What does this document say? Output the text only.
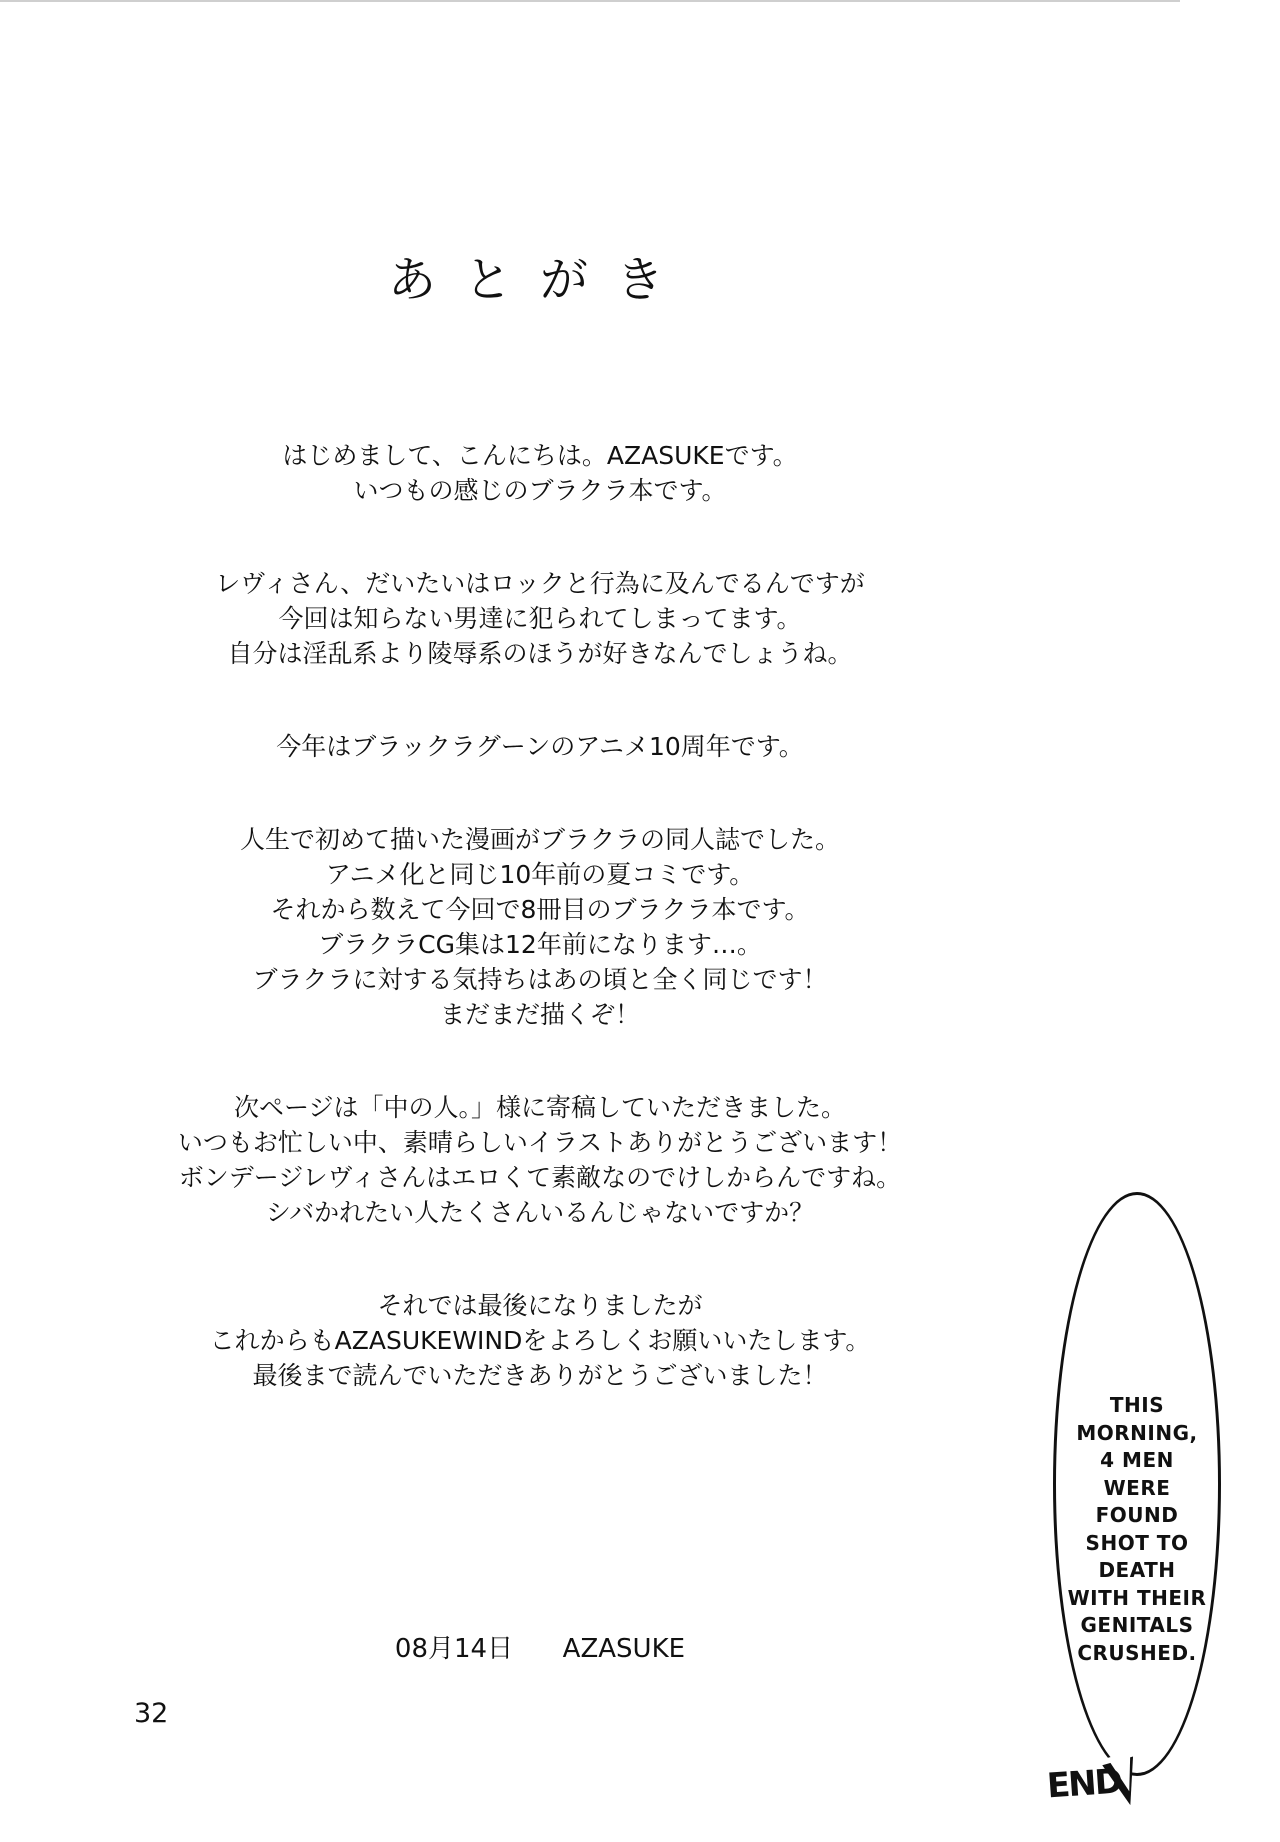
あとがき

はじめまして、こんにちは。AZASUKEです。
いつもの感じのブラクラ本です。

レヴィさん、だいたいはロックと行為に及んでるんですが
今回は知らない男達に犯られてしまってます。
自分は淫乱系より陵辱系のほうが好きなんでしょうね。

今年はブラックラグーンのアニメ10周年です。

人生で初めて描いた漫画がブラクラの同人誌でした。
アニメ化と同じ10年前の夏コミです。
それから数えて今回で8冊目のブラクラ本です。
ブラクラCG集は12年前になります…。
ブラクラに対する気持ちはあの頃と全く同じです！
まだまだ描くぞ！

次ページは「中の人。」様に寄稿していただきました。
いつもお忙しい中、素晴らしいイラストありがとうございます！
ボンデージレヴィさんはエロくて素敵なのでけしからんですね。
シバかれたい人たくさんいるんじゃないですか？

それでは最後になりましたが
これからもAZASUKEWINDをよろしくお願いいたします。
最後まで読んでいただきありがとうございました！

08月14日 AZASUKE
32
THIS
MORNING,
4 MEN
WERE
FOUND
SHOT TO
DEATH
WITH THEIR
GENITALS
CRUSHED.
END
